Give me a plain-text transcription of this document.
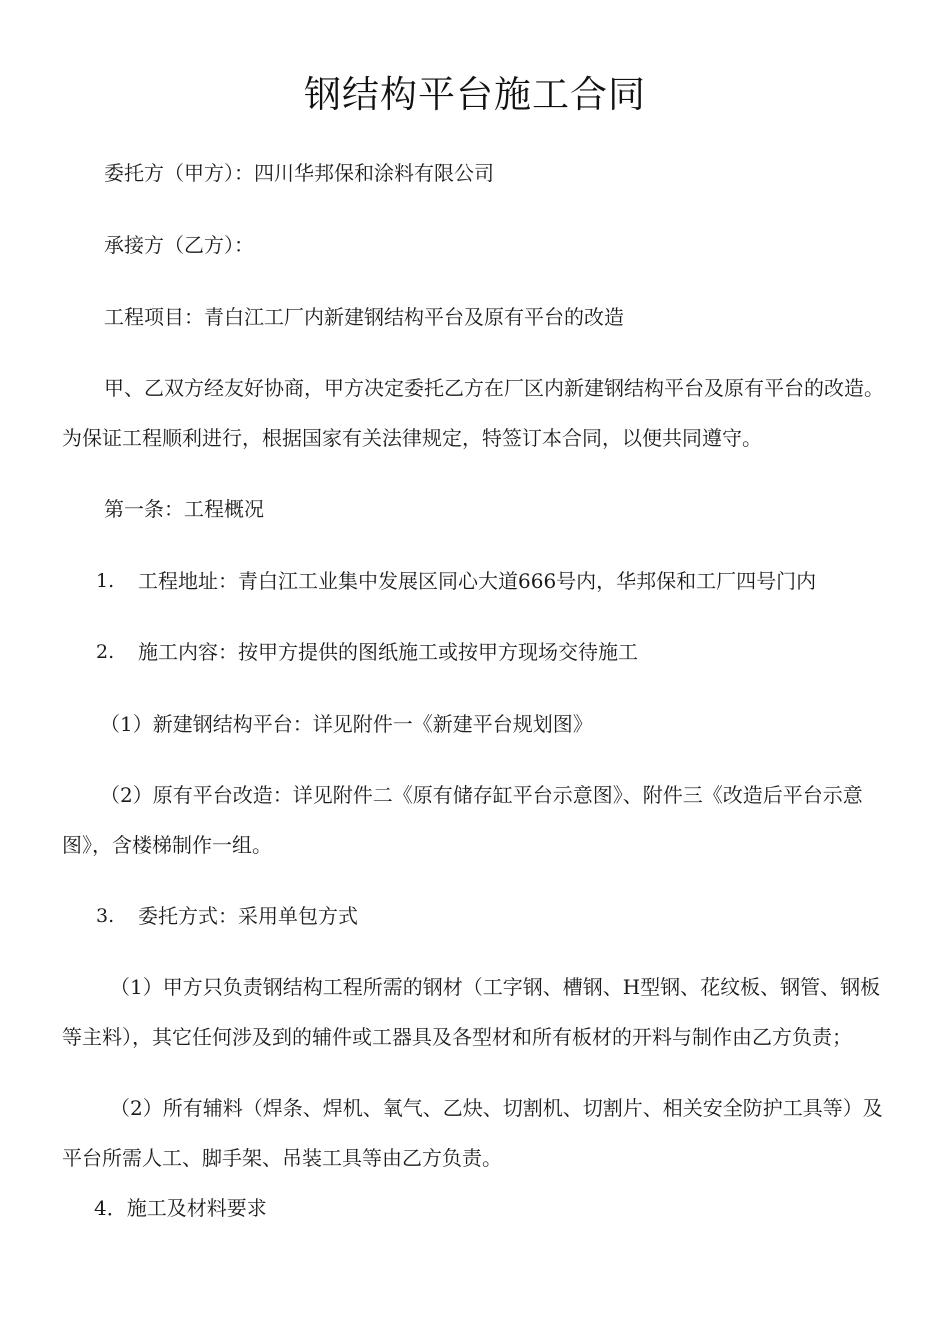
钢结构平台施工合同
委托方（甲方）：四川华邦保和涂料有限公司
承接方（乙方）：
工程项目：青白江工厂内新建钢结构平台及原有平台的改造
甲、乙双方经友好协商，甲方决定委托乙方在厂区内新建钢结构平台及原有平台的改造。
为保证工程顺利进行，根据国家有关法律规定，特签订本合同，以便共同遵守。
第一条：工程概况
1. 工程地址：青白江工业集中发展区同心大道666号内，华邦保和工厂四号门内
2. 施工内容：按甲方提供的图纸施工或按甲方现场交待施工
（1）新建钢结构平台：详见附件一《新建平台规划图》
（2）原有平台改造：详见附件二《原有储存缸平台示意图》、附件三《改造后平台示意
图》，含楼梯制作一组。
3. 委托方式：采用单包方式
（1）甲方只负责钢结构工程所需的钢材（工字钢、槽钢、H型钢、花纹板、钢管、钢板
等主料），其它任何涉及到的辅件或工器具及各型材和所有板材的开料与制作由乙方负责；
（2）所有辅料（焊条、焊机、氧气、乙炔、切割机、切割片、相关安全防护工具等）及
平台所需人工、脚手架、吊装工具等由乙方负责。
4．施工及材料要求
